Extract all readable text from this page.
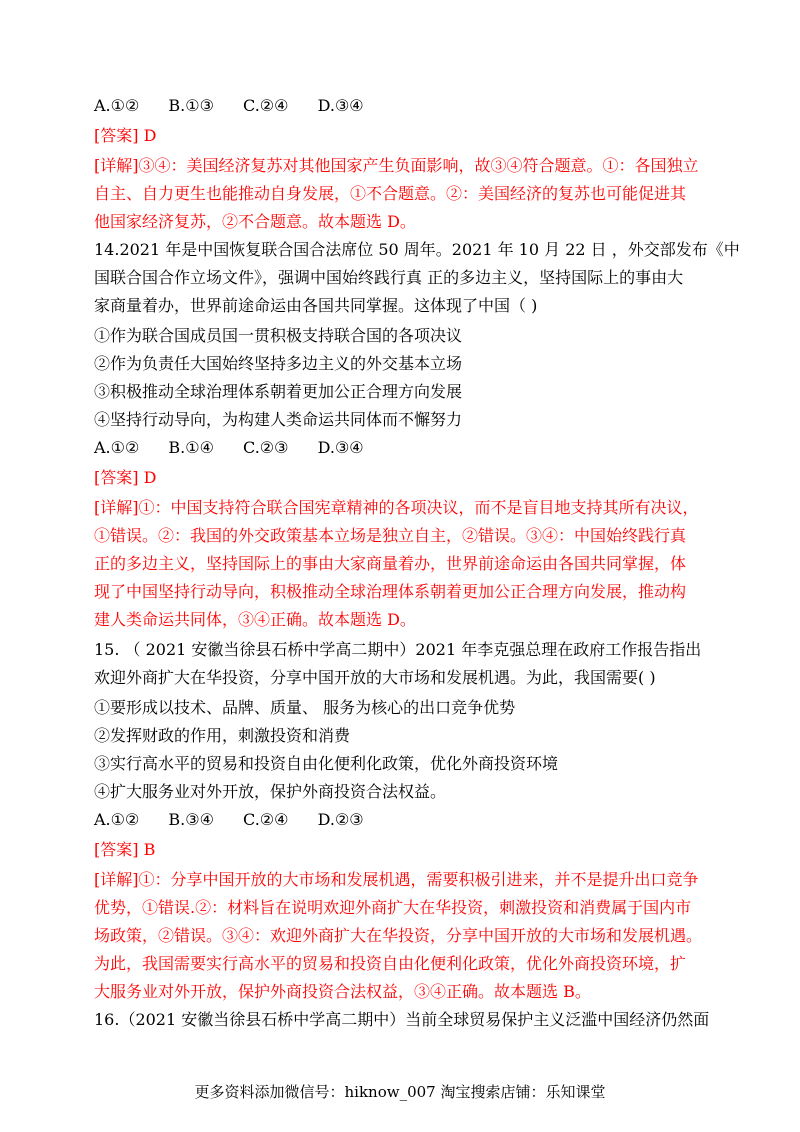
A.①② B.①③ C.②④ D.③④
[答案] D
[详解]③④：美国经济复苏对其他国家产生负面影响，故③④符合题意。①：各国独立
自主、自力更生也能推动自身发展，①不合题意。②：美国经济的复苏也可能促进其
他国家经济复苏，②不合题意。故本题选 D。
14.2021 年是中国恢复联合国合法席位 50 周年。2021 年 10 月 22 日 ，外交部发布《中
国联合国合作立场文件》，强调中国始终践行真 正的多边主义，坚持国际上的事由大
家商量着办，世界前途命运由各国共同掌握。这体现了中国（ )
①作为联合国成员国一贯积极支持联合国的各项决议
②作为负责任大国始终坚持多边主义的外交基本立场
③积极推动全球治理体系朝着更加公正合理方向发展
④坚持行动导向，为构建人类命运共同体而不懈努力
A.①② B.①④ C.②③ D.③④
[答案] D
[详解]①：中国支持符合联合国宪章精神的各项决议，而不是盲目地支持其所有决议，
①错误。②：我国的外交政策基本立场是独立自主，②错误。③④：中国始终践行真
正的多边主义，坚持国际上的事由大家商量着办，世界前途命运由各国共同掌握，体
现了中国坚持行动导向，积极推动全球治理体系朝着更加公正合理方向发展，推动构
建人类命运共同体，③④正确。故本题选 D。
15. （ 2021 安徽当徐县石桥中学高二期中）2021 年李克强总理在政府工作报告指出
欢迎外商扩大在华投资，分享中国开放的大市场和发展机遇。为此，我国需要( )
①要形成以技术、品牌、质量、 服务为核心的出口竞争优势
②发挥财政的作用，刺激投资和消费
③实行高水平的贸易和投资自由化便利化政策，优化外商投资环境
④扩大服务业对外开放，保护外商投资合法权益。
A.①② B.③④ C.②④ D.②③
[答案] B
[详解]①：分享中国开放的大市场和发展机遇，需要积极引进来，并不是提升出口竞争
优势，①错误.②：材料旨在说明欢迎外商扩大在华投资，刺激投资和消费属于国内市
场政策，②错误。③④：欢迎外商扩大在华投资，分享中国开放的大市场和发展机遇。
为此，我国需要实行高水平的贸易和投资自由化便利化政策，优化外商投资环境，扩
大服务业对外开放，保护外商投资合法权益，③④正确。故本题选 B。
16.（2021 安徽当徐县石桥中学高二期中）当前全球贸易保护主义泛滥中国经济仍然面
更多资料添加微信号：hiknow_007 淘宝搜索店铺：乐知课堂
